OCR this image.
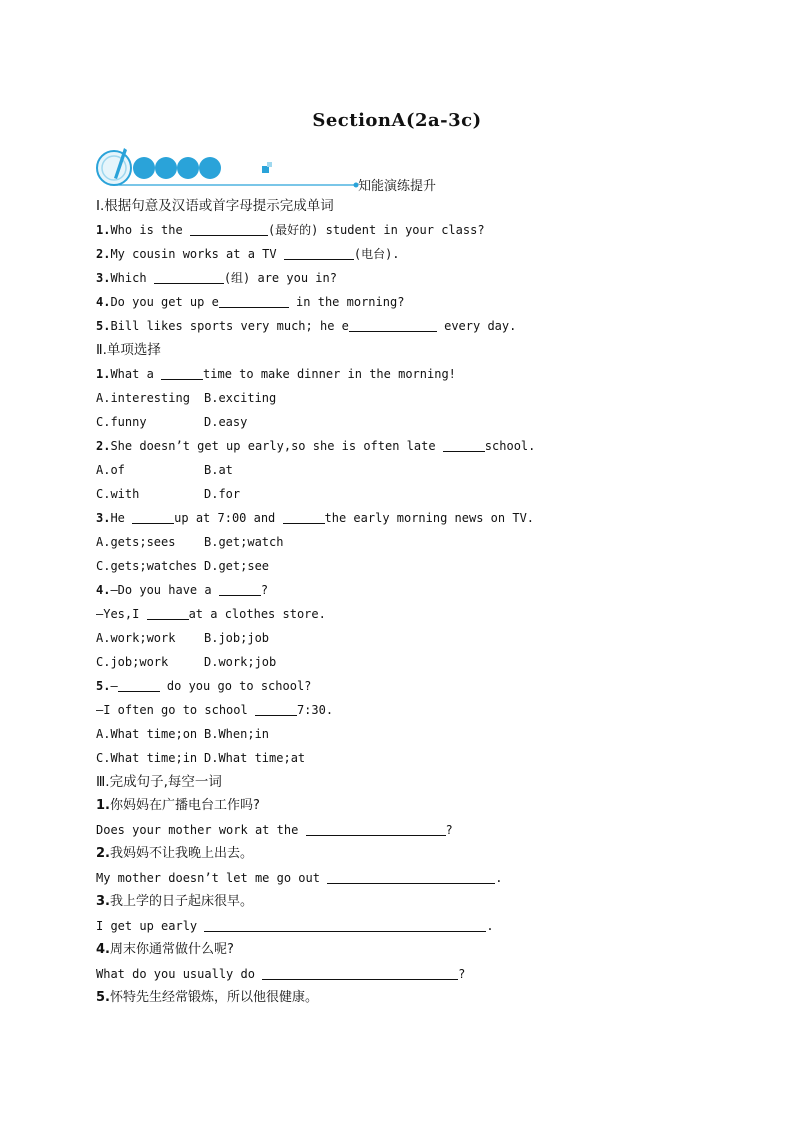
SectionA(2a-3c)
知能演练提升
Ⅰ.根据句意及汉语或首字母提示完成单词
1.Who is the	(最好的) student in your class?
2.My cousin works at a TV	(电台).
3.Which	(组) are you in?
4.Do you get up e	in the morning?
5.Bill likes sports very much; he e	every day.
Ⅱ.单项选择
1.What a	time to make dinner in the morning!
A.interesting B.exciting
C.funny	D.easy
2.She doesn’t get up early,so she is often late	school.
A.of	B.at
C.with	D.for
3.He	up at 7:00 and	the early morning news on TV.
A.gets;sees B.get;watch
C.gets;watches D.get;see
4.—Do you have a	?
—Yes,I	at a clothes store.
A.work;work B.job;job
C.job;work	D.work;job
5.—	do you go to school?
—I often go to school	7:30.
A.What time;on B.When;in
C.What time;in D.What time;at
Ⅲ.完成句子,每空一词
1.你妈妈在广播电台工作吗?
Does your mother work at the	?
2.我妈妈不让我晚上出去。
My mother doesn’t let me go out	.
3.我上学的日子起床很早。
I get up early	.
4.周末你通常做什么呢?
What do you usually do	?
5.怀特先生经常锻炼，所以他很健康。
